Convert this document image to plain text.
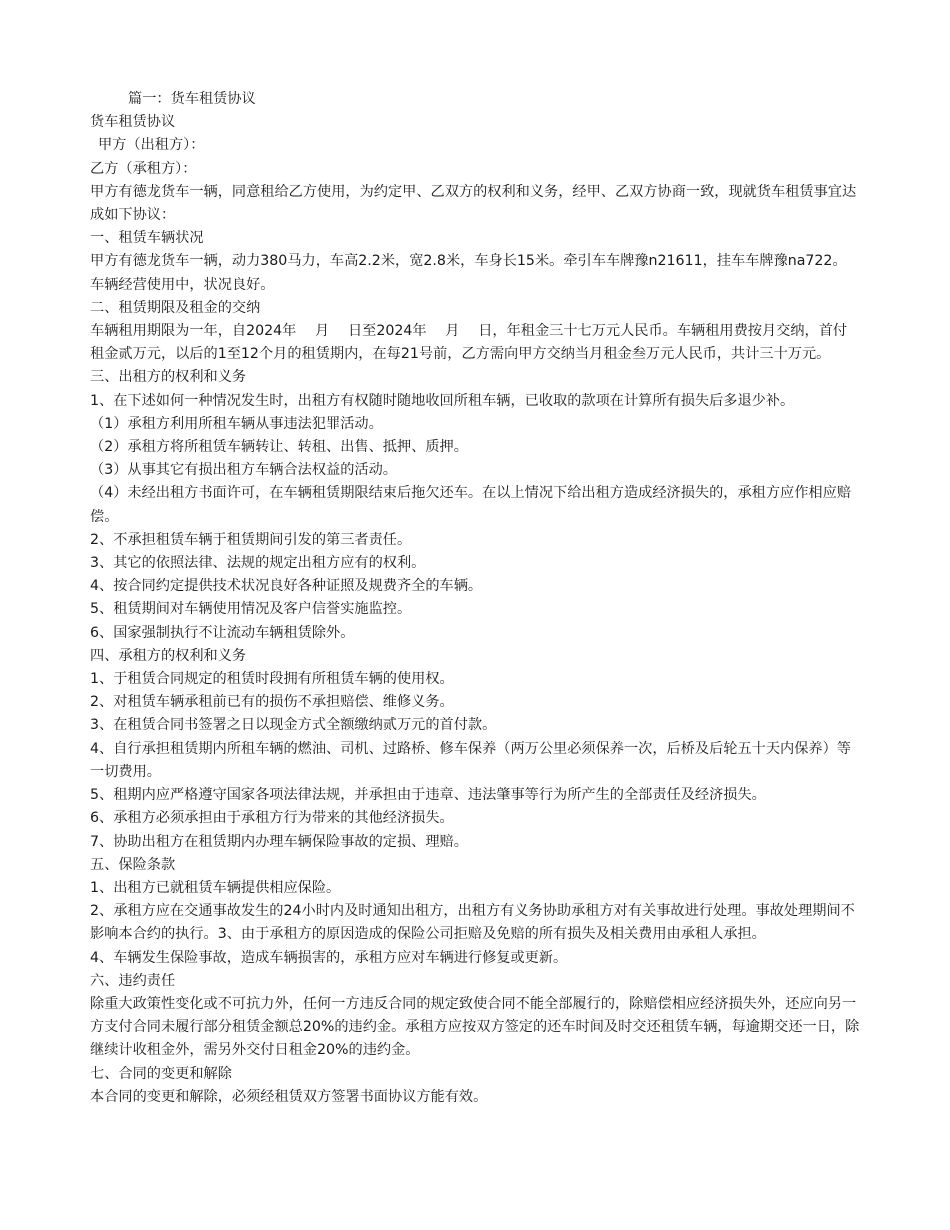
篇一：货车租赁协议

货车租赁协议

甲方（出租方）：

乙方（承租方）：

甲方有德龙货车一辆，同意租给乙方使用，为约定甲、乙双方的权利和义务，经甲、乙双方协商一致，现就货车租赁事宜达成如下协议：

一、租赁车辆状况

甲方有德龙货车一辆，动力380马力，车高2.2米，宽2.8米，车身长15米。牵引车车牌豫n21611，挂车车牌豫na722。车辆经营使用中，状况良好。

二、租赁期限及租金的交纳

车辆租用期限为一年，自2024年　 月　 日至2024年　 月　 日，年租金三十七万元人民币。车辆租用费按月交纳，首付租金贰万元，以后的1至12个月的租赁期内，在每21号前，乙方需向甲方交纳当月租金叁万元人民币，共计三十万元。

三、出租方的权利和义务

1、在下述如何一种情况发生时，出租方有权随时随地收回所租车辆，已收取的款项在计算所有损失后多退少补。

（1）承租方利用所租车辆从事违法犯罪活动。

（2）承租方将所租赁车辆转让、转租、出售、抵押、质押。

（3）从事其它有损出租方车辆合法权益的活动。

（4）未经出租方书面许可，在车辆租赁期限结束后拖欠还车。在以上情况下给出租方造成经济损失的，承租方应作相应赔偿。

2、不承担租赁车辆于租赁期间引发的第三者责任。

3、其它的依照法律、法规的规定出租方应有的权利。

4、按合同约定提供技术状况良好各种证照及规费齐全的车辆。

5、租赁期间对车辆使用情况及客户信誉实施监控。

6、国家强制执行不让流动车辆租赁除外。

四、承租方的权利和义务

1、于租赁合同规定的租赁时段拥有所租赁车辆的使用权。

2、对租赁车辆承租前已有的损伤不承担赔偿、维修义务。

3、在租赁合同书签署之日以现金方式全额缴纳贰万元的首付款。

4、自行承担租赁期内所租车辆的燃油、司机、过路桥、修车保养（两万公里必须保养一次，后桥及后轮五十天内保养）等一切费用。

5、租期内应严格遵守国家各项法律法规，并承担由于违章、违法肇事等行为所产生的全部责任及经济损失。

6、承租方必须承担由于承租方行为带来的其他经济损失。

7、协助出租方在租赁期内办理车辆保险事故的定损、理赔。

五、保险条款

1、出租方已就租赁车辆提供相应保险。

2、承租方应在交通事故发生的24小时内及时通知出租方，出租方有义务协助承租方对有关事故进行处理。事故处理期间不影响本合约的执行。3、由于承租方的原因造成的保险公司拒赔及免赔的所有损失及相关费用由承租人承担。

4、车辆发生保险事故，造成车辆损害的，承租方应对车辆进行修复或更新。

六、违约责任

除重大政策性变化或不可抗力外，任何一方违反合同的规定致使合同不能全部履行的，除赔偿相应经济损失外，还应向另一方支付合同未履行部分租赁金额总20%的违约金。承租方应按双方签定的还车时间及时交还租赁车辆，每逾期交还一日，除继续计收租金外，需另外交付日租金20%的违约金。

七、合同的变更和解除

本合同的变更和解除，必须经租赁双方签署书面协议方能有效。
